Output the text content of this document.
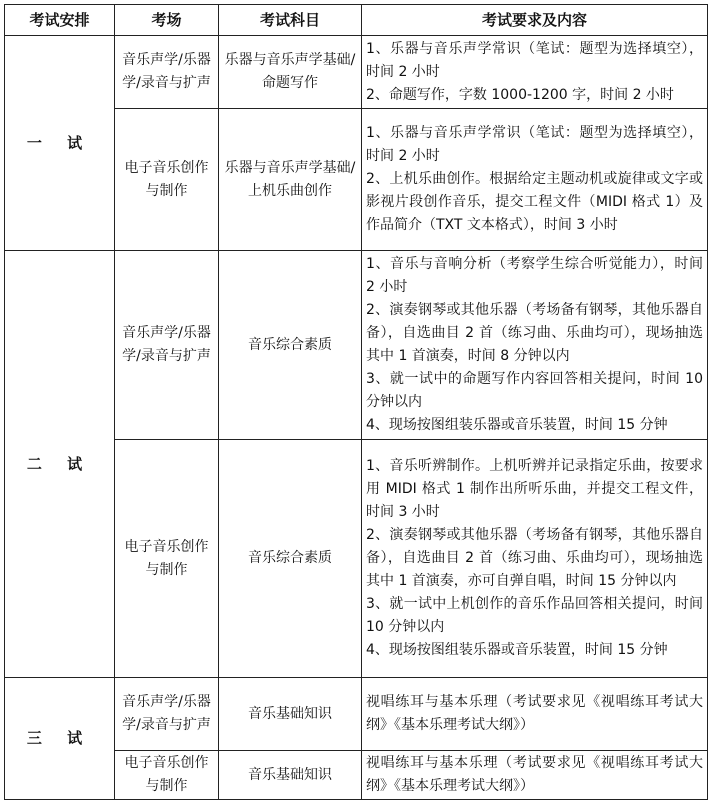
考试安排	考场	考试科目	考试要求及内容
一 试	音乐声学/乐器学/录音与扩声	乐器与音乐声学基础/命题写作	1、乐器与音乐声学常识（笔试：题型为选择填空），时间 2 小时
2、命题写作，字数 1000-1200 字，时间 2 小时

	电子音乐创作与制作	乐器与音乐声学基础/上机乐曲创作	1、乐器与音乐声学常识（笔试：题型为选择填空），时间 2 小时
2、上机乐曲创作。根据给定主题动机或旋律或文字或影视片段创作音乐，提交工程文件（MIDI 格式 1）及作品简介（TXT 文本格式），时间 3 小时

二 试	音乐声学/乐器学/录音与扩声	音乐综合素质	1、音乐与音响分析（考察学生综合听觉能力），时间 2 小时
2、演奏钢琴或其他乐器（考场备有钢琴，其他乐器自备），自选曲目 2 首（练习曲、乐曲均可），现场抽选其中 1 首演奏，时间 8 分钟以内
3、就一试中的命题写作内容回答相关提问，时间 10 分钟以内
4、现场按图组装乐器或音乐装置，时间 15 分钟

	电子音乐创作与制作	音乐综合素质	1、音乐听辨制作。上机听辨并记录指定乐曲，按要求用 MIDI 格式 1 制作出所听乐曲，并提交工程文件，时间 3 小时
2、演奏钢琴或其他乐器（考场备有钢琴，其他乐器自备），自选曲目 2 首（练习曲、乐曲均可），现场抽选其中 1 首演奏，亦可自弹自唱，时间 15 分钟以内
3、就一试中上机创作的音乐作品回答相关提问，时间 10 分钟以内
4、现场按图组装乐器或音乐装置，时间 15 分钟

三 试	音乐声学/乐器学/录音与扩声	音乐基础知识	视唱练耳与基本乐理（考试要求见《视唱练耳考试大纲》《基本乐理考试大纲》）

	电子音乐创作与制作	音乐基础知识	视唱练耳与基本乐理（考试要求见《视唱练耳考试大纲》《基本乐理考试大纲》）
